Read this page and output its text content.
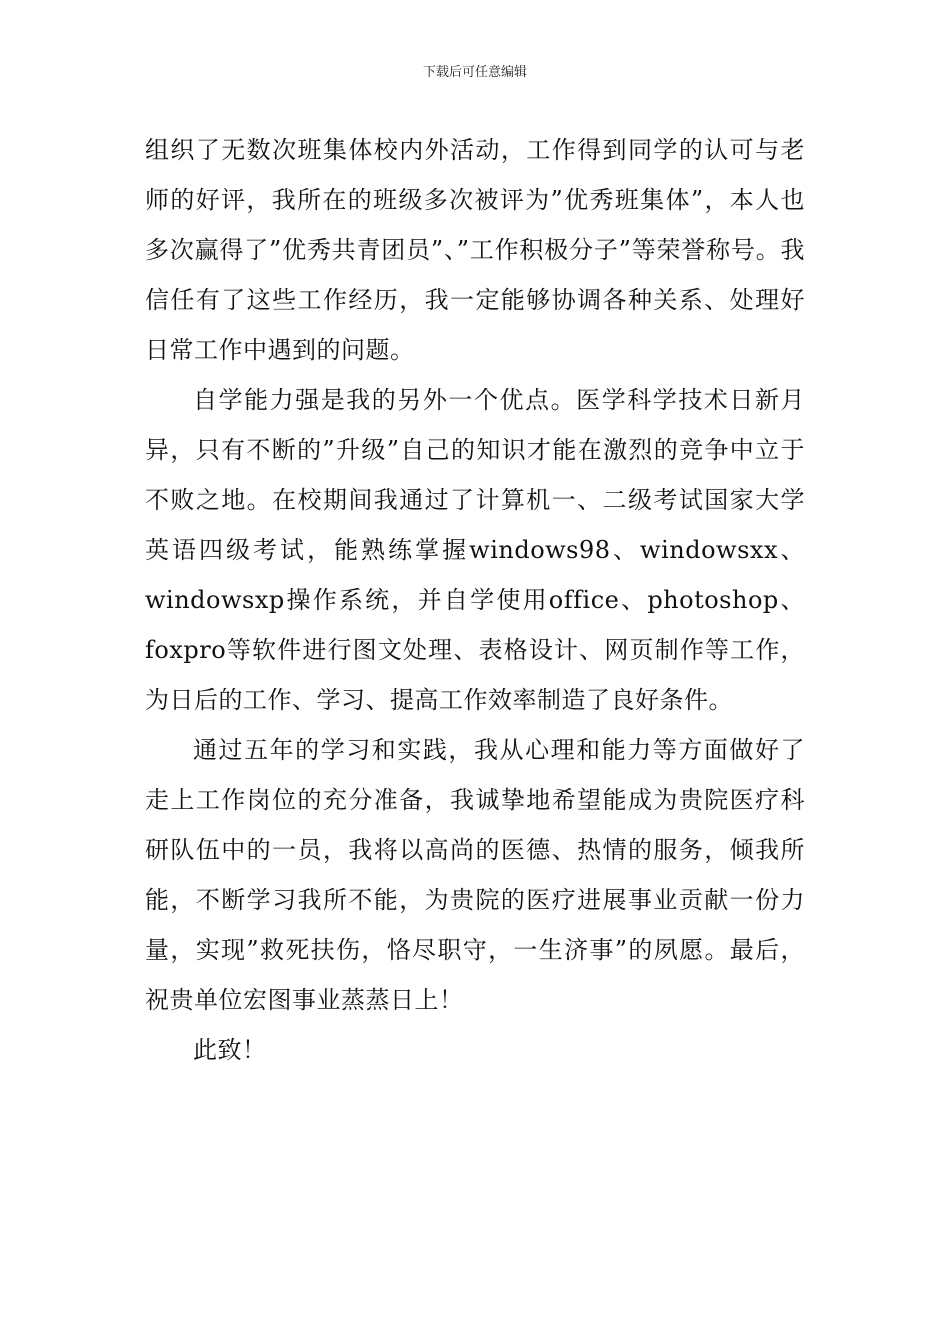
下载后可任意编辑

组织了无数次班集体校内外活动，工作得到同学的认可与老师的好评，我所在的班级多次被评为”优秀班集体”，本人也多次赢得了”优秀共青团员”、”工作积极分子”等荣誉称号。我信任有了这些工作经历，我一定能够协调各种关系、处理好日常工作中遇到的问题。

自学能力强是我的另外一个优点。医学科学技术日新月异，只有不断的”升级”自己的知识才能在激烈的竞争中立于不败之地。在校期间我通过了计算机一、二级考试国家大学英语四级考试，能熟练掌握windows98、windowsxx、windowsxp操作系统，并自学使用office、photoshop、foxpro等软件进行图文处理、表格设计、网页制作等工作，为日后的工作、学习、提高工作效率制造了良好条件。

通过五年的学习和实践，我从心理和能力等方面做好了走上工作岗位的充分准备，我诚挚地希望能成为贵院医疗科研队伍中的一员，我将以高尚的医德、热情的服务，倾我所能，不断学习我所不能，为贵院的医疗进展事业贡献一份力量，实现”救死扶伤，恪尽职守，一生济事”的夙愿。最后，祝贵单位宏图事业蒸蒸日上！

此致！
